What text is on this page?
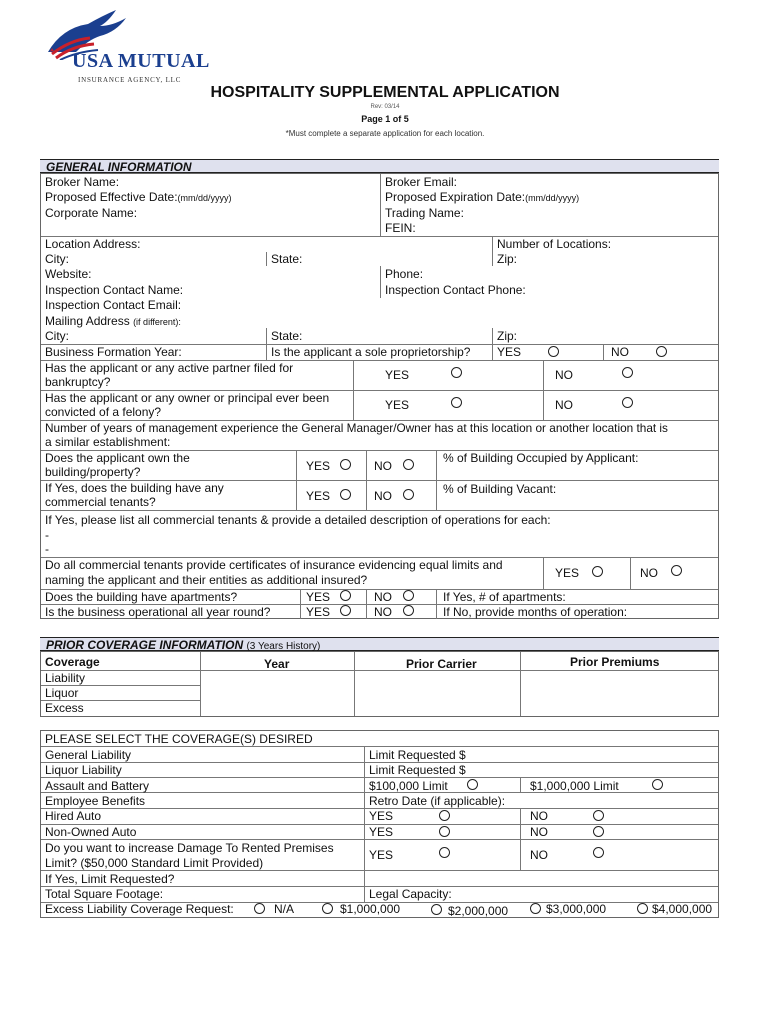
USA MUTUAL
INSURANCE AGENCY, LLC
HOSPITALITY SUPPLEMENTAL APPLICATION
Rev: 03/14
Page 1 of 5
*Must complete a separate application for each location.
GENERAL INFORMATION
Broker Name:	Broker Email:
Proposed Effective Date:(mm/dd/yyyy)	Proposed Expiration Date:(mm/dd/yyyy)
Corporate Name:	Trading Name:
FEIN:
Location Address:	Number of Locations:
City:	State:	Zip:
Website:	Phone:
Inspection Contact Name:	Inspection Contact Phone:
Inspection Contact Email:
Mailing Address (if different):
City:	State:	Zip:
Business Formation Year:	Is the applicant a sole proprietorship? YES	NO
Has the applicant or any active partner filed for
bankruptcy?	YES	NO
Has the applicant or any owner or principal ever been
convicted of a felony?	YES	NO
Number of years of management experience the General Manager/Owner has at this location or another location that is
a similar establishment:
Does the applicant own the
building/property?	YES	NO
% of Building Occupied by Applicant:
If Yes, does the building have any
commercial tenants?	YES	NO	% of Building Vacant:
If Yes, please list all commercial tenants & provide a detailed description of operations for each:
-
-
Do all commercial tenants provide certificates of insurance evidencing equal limits and
naming the applicant and their entities as additional insured?	YES	NO
Does the building have apartments?	YES	NO	If Yes, # of apartments:
Is the business operational all year round?	YES	NO	If No, provide months of operation:
PRIOR COVERAGE INFORMATION (3 Years History)
Coverage	Year	Prior Carrier	Prior Premiums
Liability
Liquor
Excess
PLEASE SELECT THE COVERAGE(S) DESIRED
General Liability	Limit Requested $
Liquor Liability	Limit Requested $
Assault and Battery	$100,000 Limit	$1,000,000 Limit
Employee Benefits	Retro Date (if applicable):
Hired Auto	YES	NO
Non-Owned Auto	YES	NO
Do you want to increase Damage To Rented Premises
Limit? ($50,000 Standard Limit Provided)
YES	NO
If Yes, Limit Requested?
Total Square Footage:	Legal Capacity:
Excess Liability Coverage Request:	N/A	$1,000,000	$2,000,000	$3,000,000	$4,000,000
